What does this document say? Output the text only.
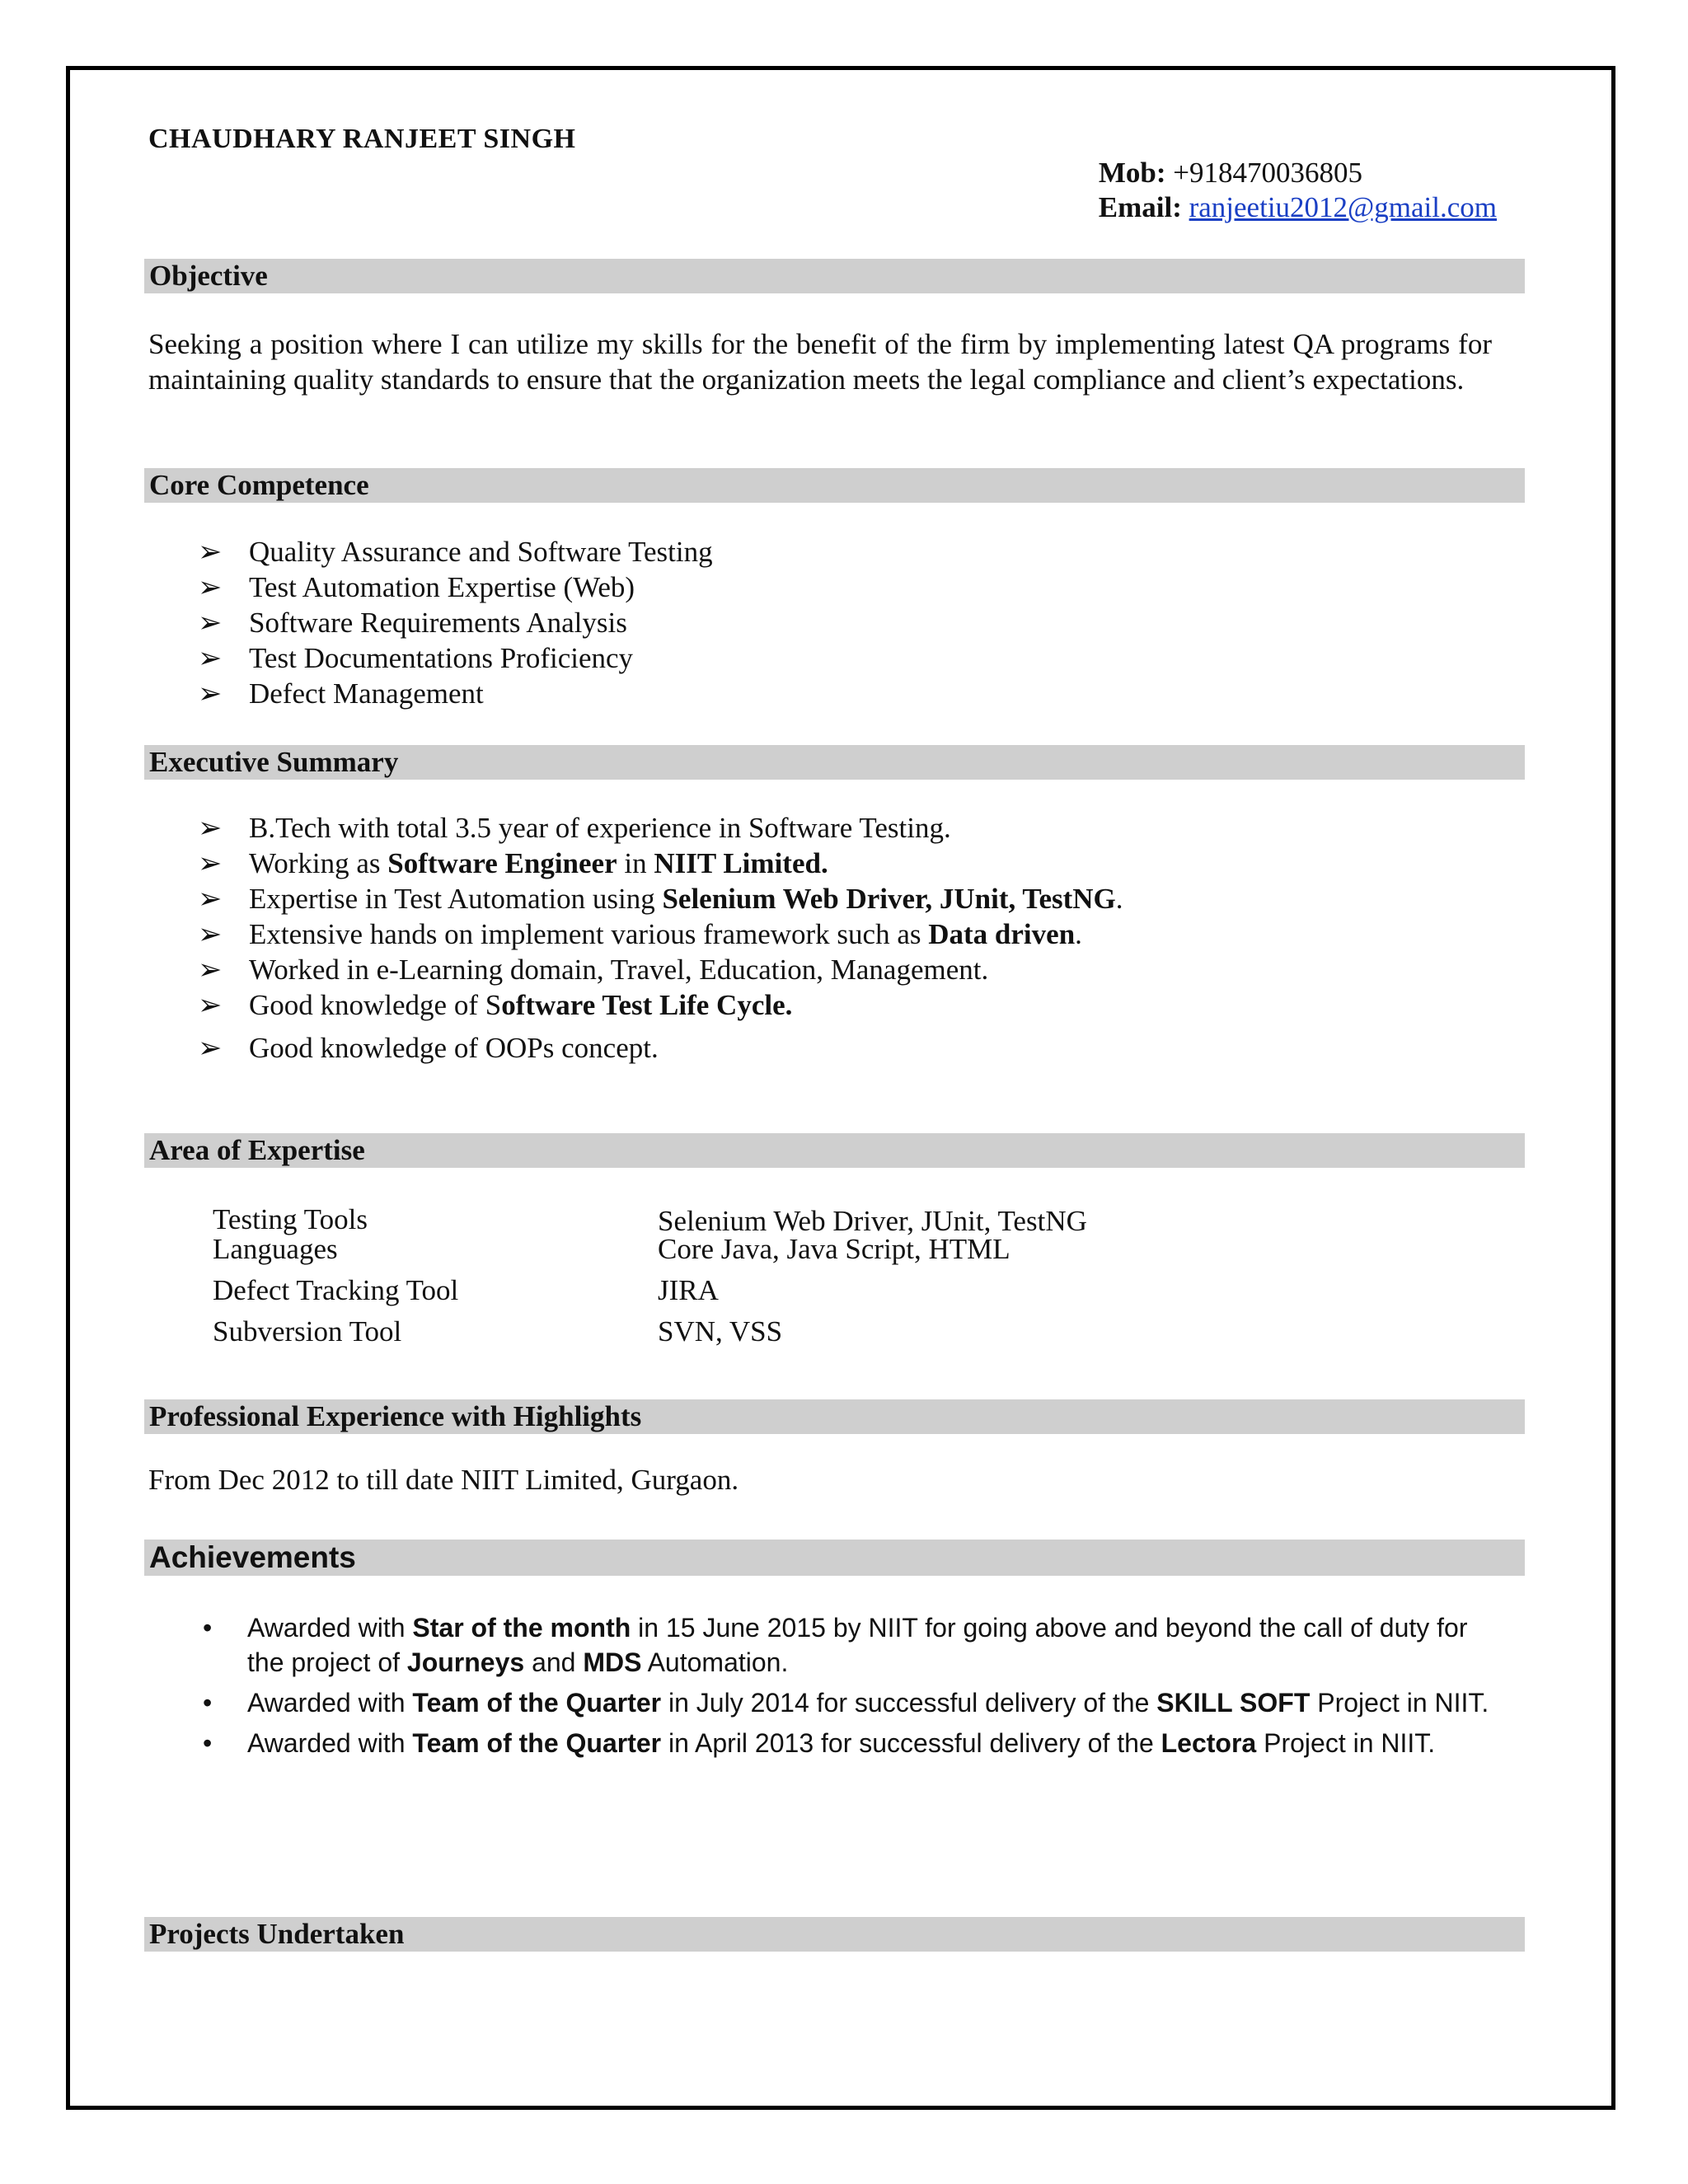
CHAUDHARY RANJEET SINGH
Mob: +918470036805
Email: ranjeetiu2012@gmail.com
Objective
Seeking a position where I can utilize my skills for the benefit of the firm by implementing latest QA programs for maintaining quality standards to ensure that the organization meets the legal compliance and client’s expectations.
Core Competence
➢ Quality Assurance and Software Testing
➢ Test Automation Expertise (Web)
➢ Software Requirements Analysis
➢ Test Documentations Proficiency
➢ Defect Management
Executive Summary
➢ B.Tech with total 3.5 year of experience in Software Testing.
➢ Working as Software Engineer in NIIT Limited.
➢ Expertise in Test Automation using Selenium Web Driver, JUnit, TestNG.
➢ Extensive hands on implement various framework such as Data driven.
➢ Worked in e-Learning domain, Travel, Education, Management.
➢ Good knowledge of Software Test Life Cycle.
➢ Good knowledge of OOPs concept.
Area of Expertise
Testing Tools	Selenium Web Driver, JUnit, TestNG
Languages	Core Java, Java Script, HTML
Defect Tracking Tool	JIRA
Subversion Tool	SVN, VSS
Professional Experience with Highlights
From Dec 2012 to till date NIIT Limited, Gurgaon.
Achievements
• Awarded with Star of the month in 15 June 2015 by NIIT for going above and beyond the call of duty for the project of Journeys and MDS Automation.
• Awarded with Team of the Quarter in July 2014 for successful delivery of the SKILL SOFT Project in NIIT.
• Awarded with Team of the Quarter in April 2013 for successful delivery of the Lectora Project in NIIT.
Projects Undertaken
